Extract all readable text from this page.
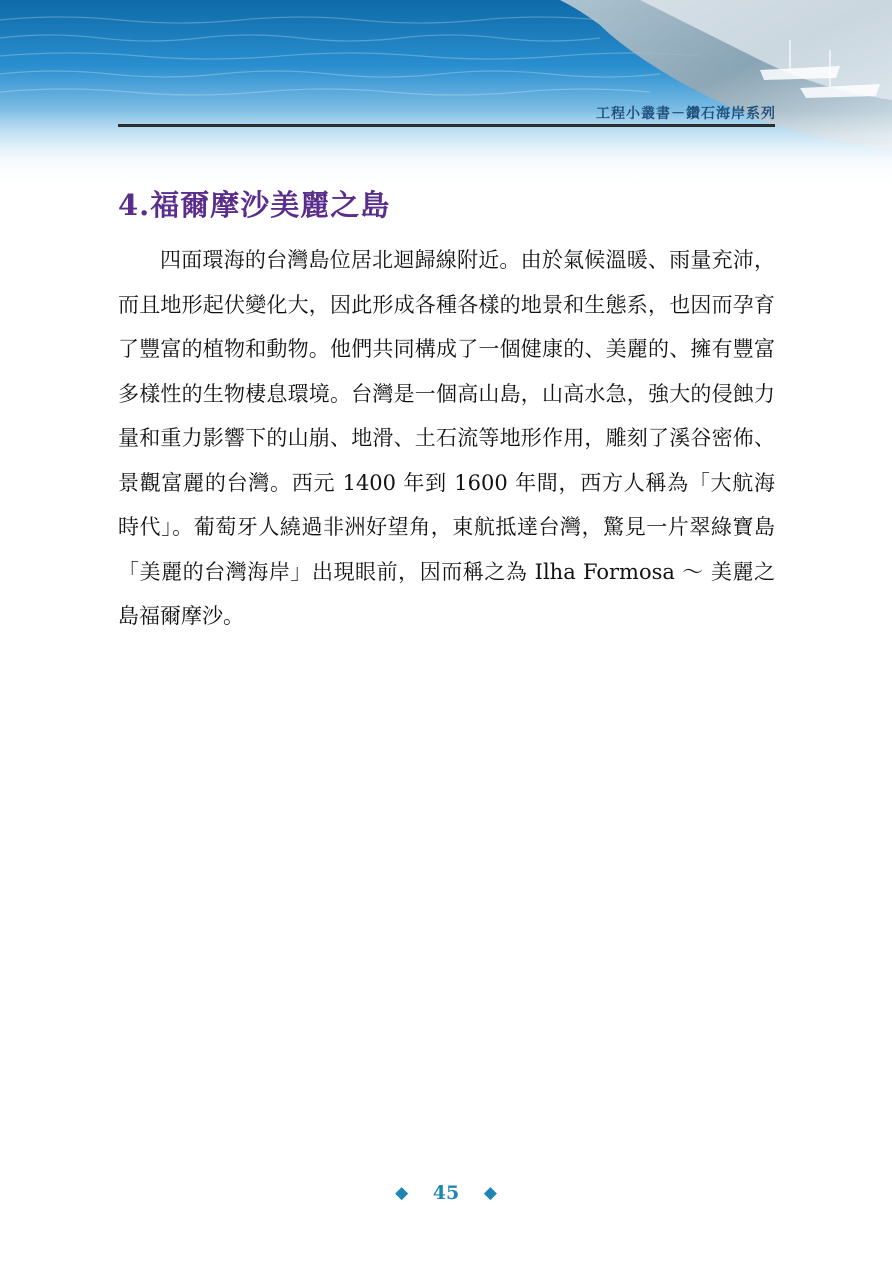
工程小叢書－鑽石海岸系列
4.福爾摩沙美麗之島

四面環海的台灣島位居北迴歸線附近。由於氣候溫暖、雨量充沛，而且地形起伏變化大，因此形成各種各樣的地景和生態系，也因而孕育了豐富的植物和動物。他們共同構成了一個健康的、美麗的、擁有豐富多樣性的生物棲息環境。台灣是一個高山島，山高水急，強大的侵蝕力量和重力影響下的山崩、地滑、土石流等地形作用，雕刻了溪谷密佈、景觀富麗的台灣。西元 1400 年到 1600 年間，西方人稱為「大航海時代」。葡萄牙人繞過非洲好望角，東航抵達台灣，驚見一片翠綠寶島「美麗的台灣海岸」出現眼前，因而稱之為 Ilha Formosa ～ 美麗之島福爾摩沙。

◆ 45 ◆
